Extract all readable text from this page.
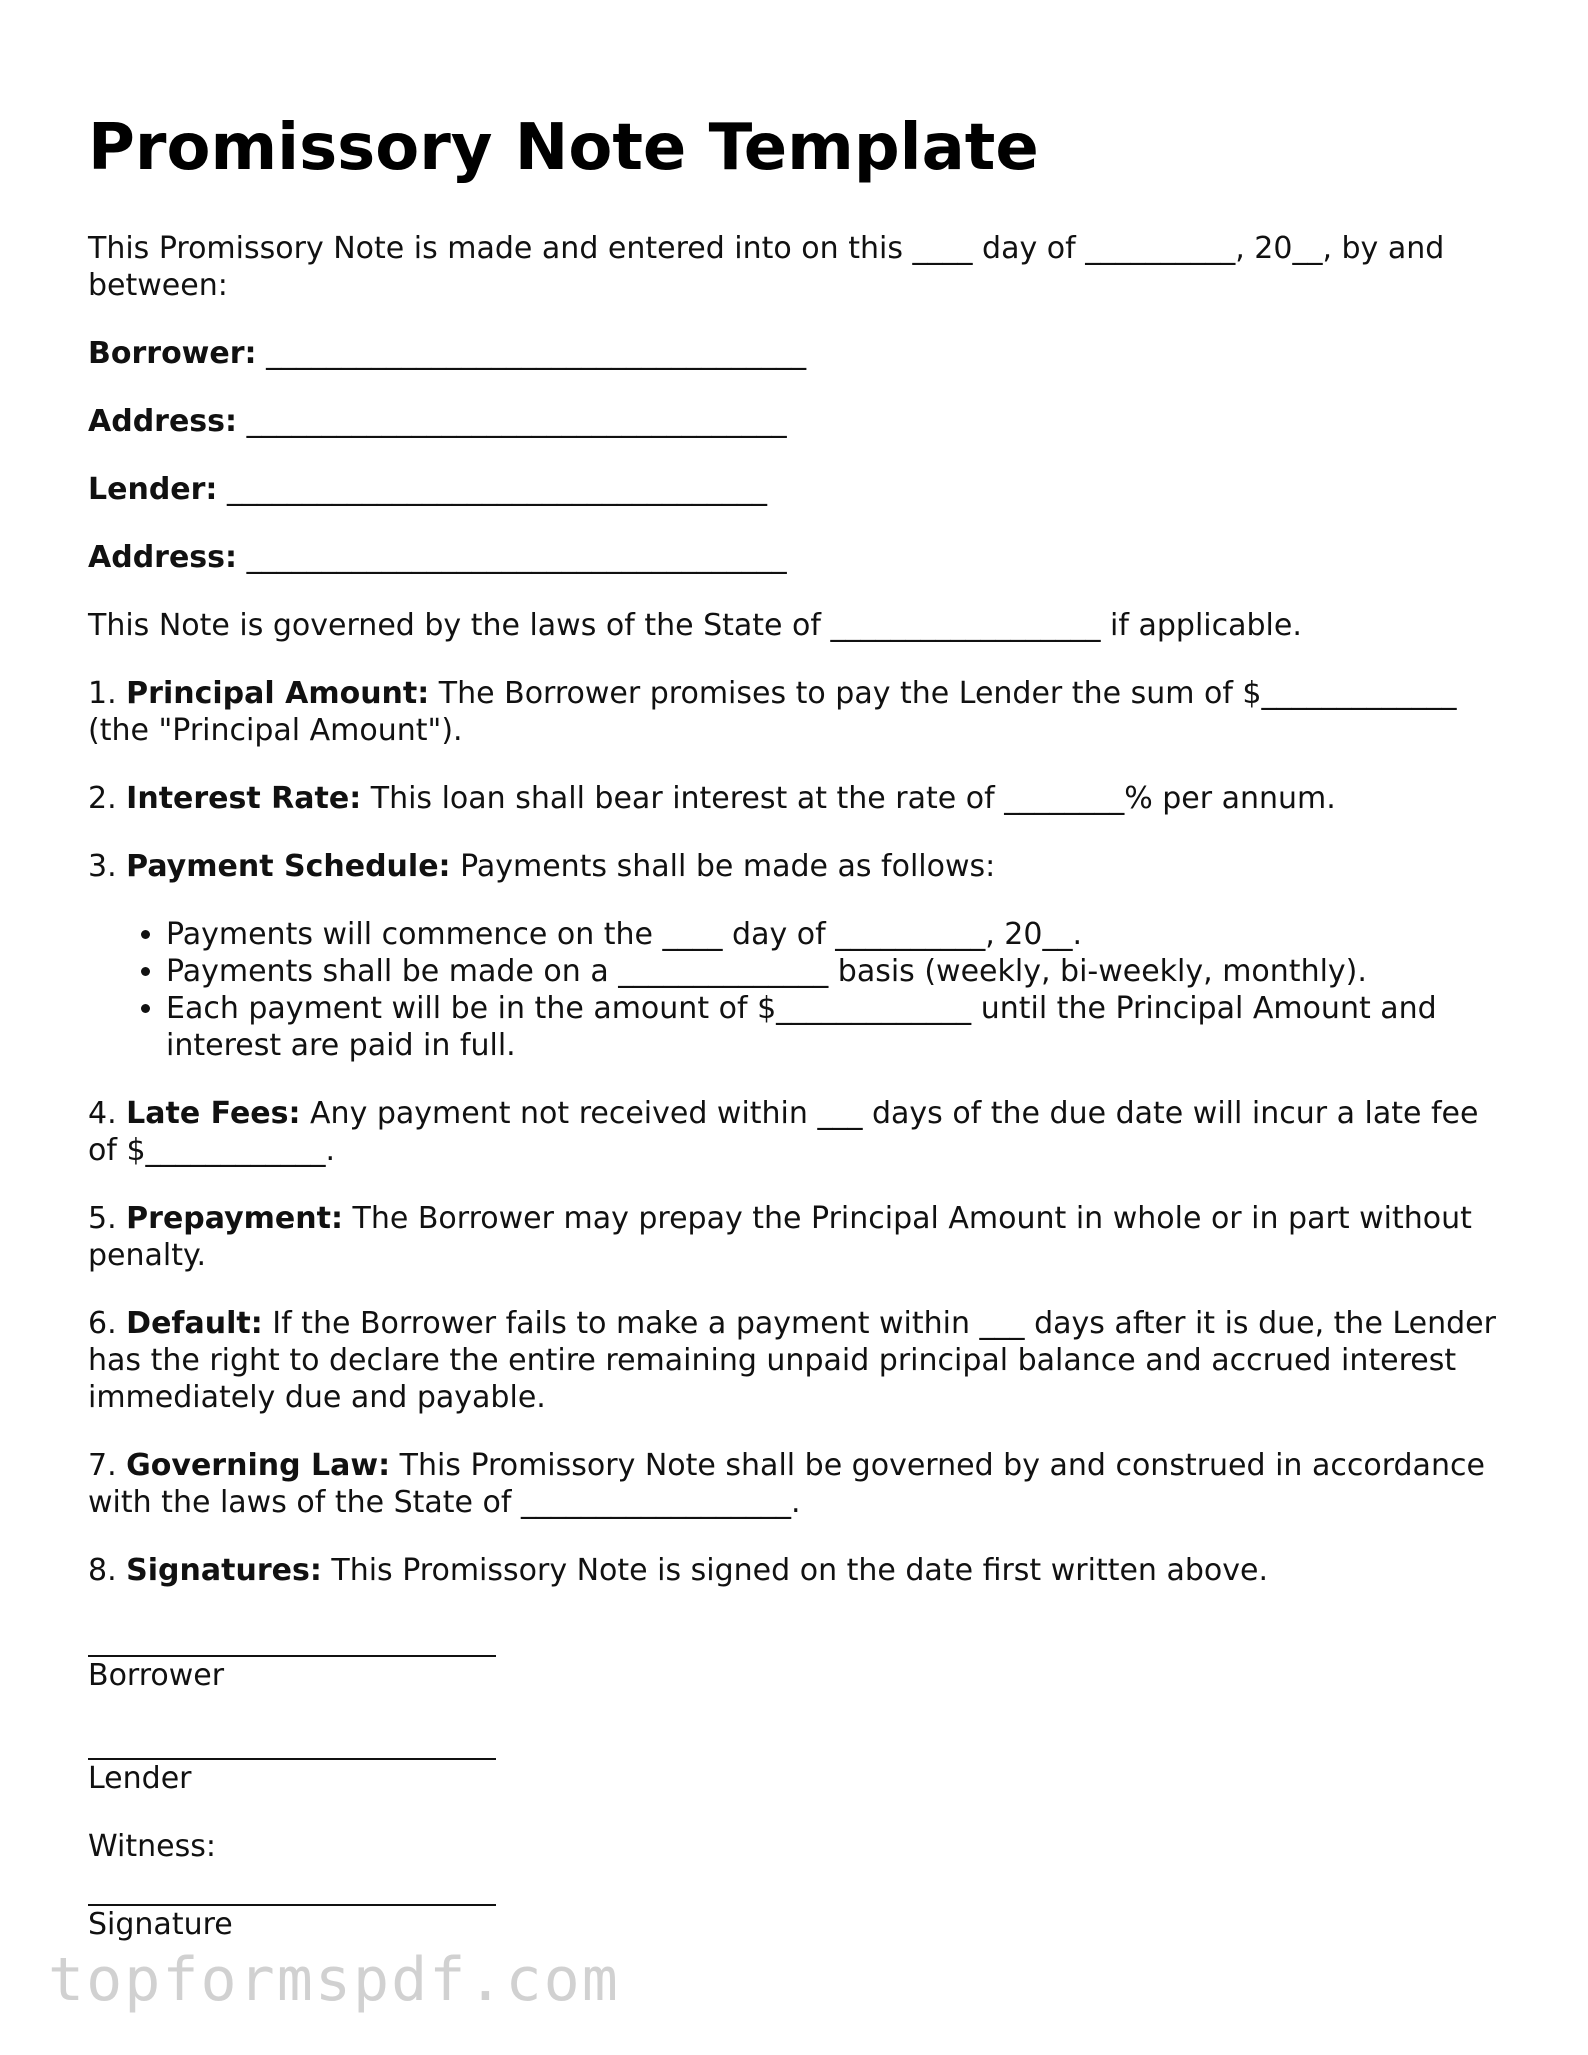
Promissory Note Template

This Promissory Note is made and entered into on this ____ day of __________, 20__, by and between:

Borrower: ____________________________________

Address: ____________________________________

Lender: ____________________________________

Address: ____________________________________

This Note is governed by the laws of the State of __________________ if applicable.

1. Principal Amount: The Borrower promises to pay the Lender the sum of $_____________ (the "Principal Amount").

2. Interest Rate: This loan shall bear interest at the rate of ________% per annum.

3. Payment Schedule: Payments shall be made as follows:

• Payments will commence on the ____ day of __________, 20__.
• Payments shall be made on a ______________ basis (weekly, bi-weekly, monthly).
• Each payment will be in the amount of $_____________ until the Principal Amount and interest are paid in full.

4. Late Fees: Any payment not received within ___ days of the due date will incur a late fee of $____________.

5. Prepayment: The Borrower may prepay the Principal Amount in whole or in part without penalty.

6. Default: If the Borrower fails to make a payment within ___ days after it is due, the Lender has the right to declare the entire remaining unpaid principal balance and accrued interest immediately due and payable.

7. Governing Law: This Promissory Note shall be governed by and construed in accordance with the laws of the State of __________________.

8. Signatures: This Promissory Note is signed on the date first written above.

Borrower
Lender

Witness:

Signature
topformspdf.com
